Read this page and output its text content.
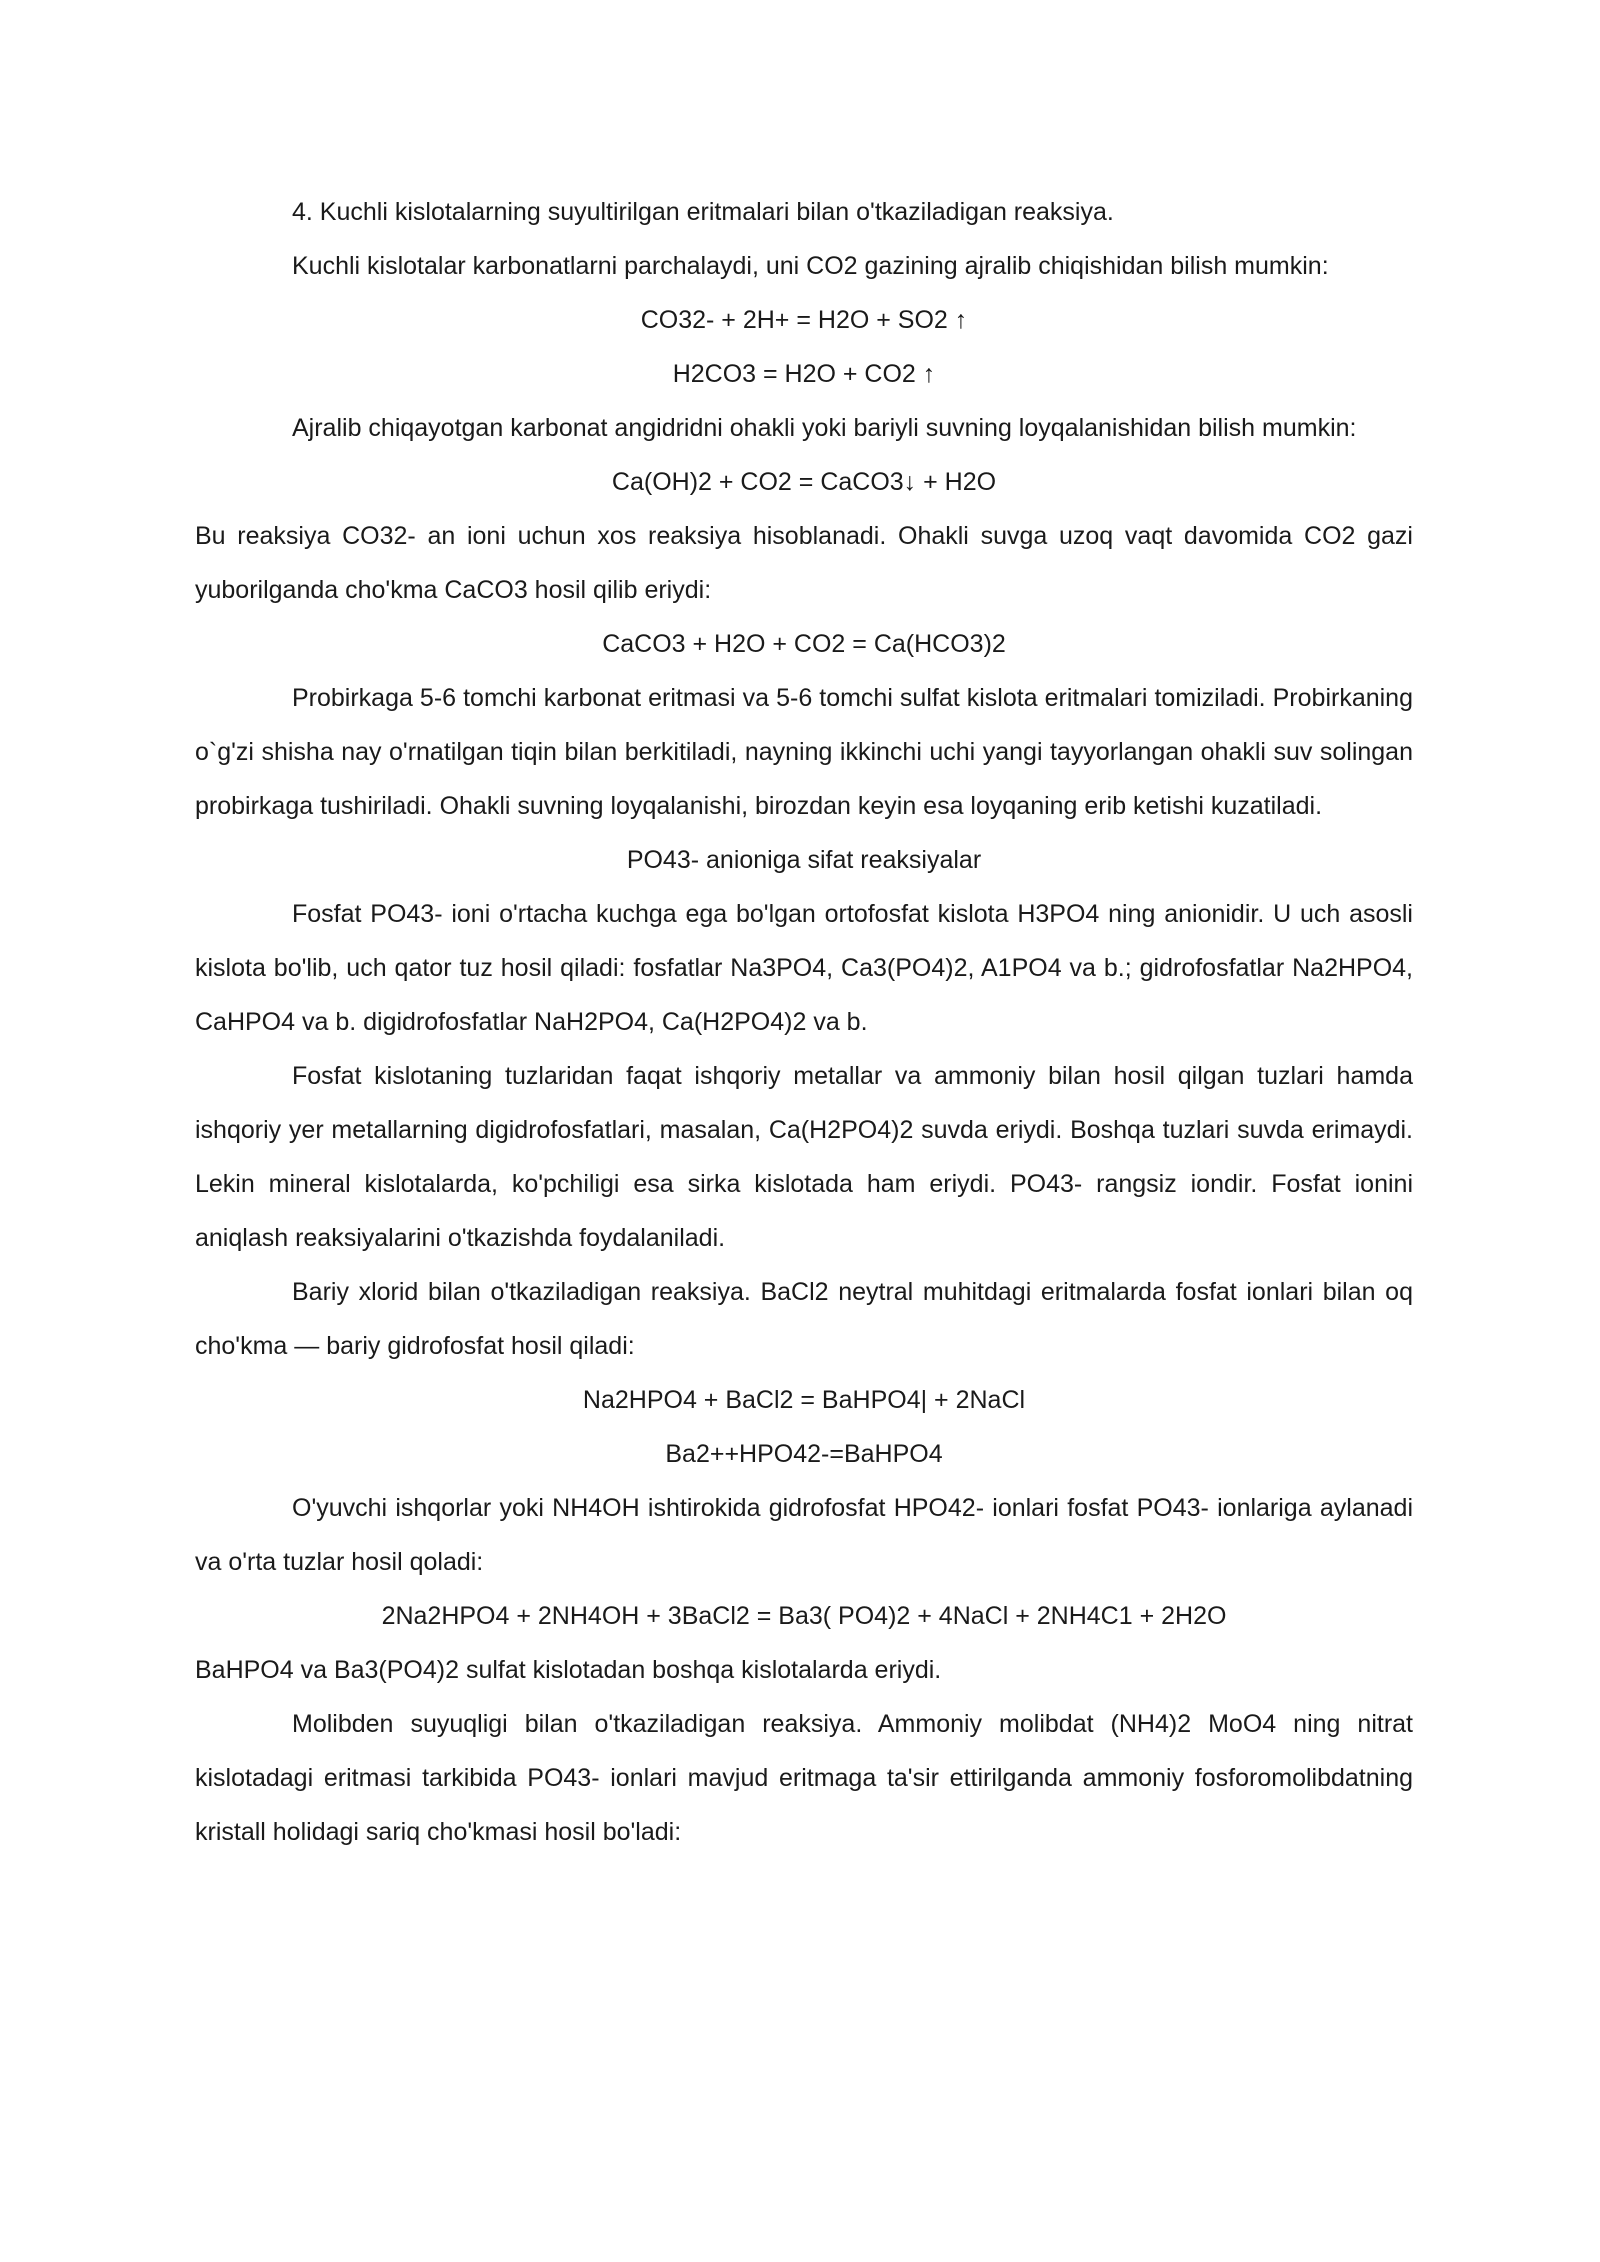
4. Kuchli kislotalarning suyultirilgan eritmalari bilan o'tkaziladigan reaksiya.

Kuchli kislotalar karbonatlarni parchalaydi, uni CO2 gazining ajralib chiqishidan bilish mumkin:

CO32- + 2H+ = H2O + SO2 ↑

H2CO3 = H2O + CO2 ↑

Ajralib chiqayotgan karbonat angidridni ohakli yoki bariyli suvning loyqalanishidan bilish mumkin:

Ca(OH)2 + CO2 = CaCO3↓ + H2O

Bu reaksiya CO32- an ioni uchun xos reaksiya hisoblanadi. Ohakli suvga uzoq vaqt davomida CO2 gazi yuborilganda cho'kma CaCO3 hosil qilib eriydi:

CaCO3 + H2O + CO2 = Ca(HCO3)2

Probirkaga 5-6 tomchi karbonat eritmasi va 5-6 tomchi sulfat kislota eritmalari tomiziladi. Probirkaning o`g'zi shisha nay o'rnatilgan tiqin bilan berkitiladi, nayning ikkinchi uchi yangi tayyorlangan ohakli suv solingan probirkaga tushiriladi. Ohakli suvning loyqalanishi, birozdan keyin esa loyqaning erib ketishi kuzatiladi.

PO43- anioniga sifat reaksiyalar

Fosfat PO43- ioni o'rtacha kuchga ega bo'lgan ortofosfat kislota H3PO4 ning anionidir. U uch asosli kislota bo'lib, uch qator tuz hosil qiladi: fosfatlar Na3PO4, Ca3(PO4)2, A1PO4 va b.; gidrofosfatlar Na2HPO4, CaHPO4 va b. digidrofosfatlar NaH2PO4, Ca(H2PO4)2 va b.

Fosfat kislotaning tuzlaridan faqat ishqoriy metallar va ammoniy bilan hosil qilgan tuzlari hamda ishqoriy yer metallarning digidrofosfatlari, masalan, Ca(H2PO4)2 suvda eriydi. Boshqa tuzlari suvda erimaydi. Lekin mineral kislotalarda, ko'pchiligi esa sirka kislotada ham eriydi. PO43- rangsiz iondir. Fosfat ionini aniqlash reaksiyalarini o'tkazishda foydalaniladi.

Bariy xlorid bilan o'tkaziladigan reaksiya. BaCl2 neytral muhitdagi eritmalarda fosfat ionlari bilan oq cho'kma — bariy gidrofosfat hosil qiladi:

Na2HPO4 + BaCl2 = BaHPO4| + 2NaCl

Ba2++HPO42-=BaHPO4

O'yuvchi ishqorlar yoki NH4OH ishtirokida gidrofosfat HPO42- ionlari fosfat PO43- ionlariga aylanadi va o'rta tuzlar hosil qoladi:

2Na2HPO4 + 2NH4OH + 3BaCl2 = Ba3( PO4)2 + 4NaCl + 2NH4C1 + 2H2O

BaHPO4 va Ba3(PO4)2 sulfat kislotadan boshqa kislotalarda eriydi.

Molibden suyuqligi bilan o'tkaziladigan reaksiya. Ammoniy molibdat (NH4)2 MoO4 ning nitrat kislotadagi eritmasi tarkibida PO43- ionlari mavjud eritmaga ta'sir ettirilganda ammoniy fosforomolibdatning kristall holidagi sariq cho'kmasi hosil bo'ladi:
